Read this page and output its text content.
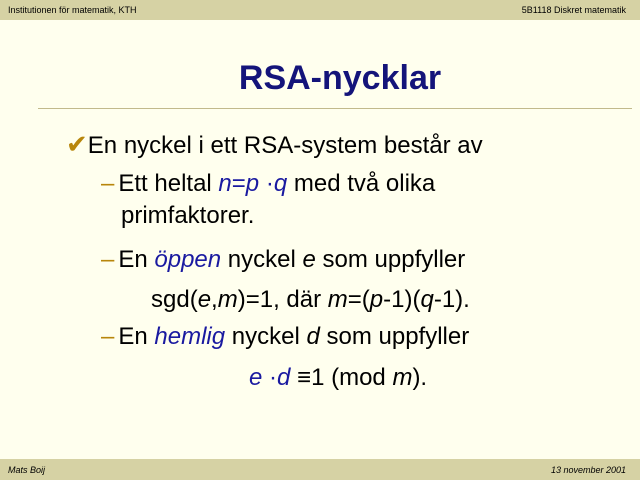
Institutionen för matematik, KTH	5B1118 Diskret matematik
RSA-nycklar
✔En nyckel i ett RSA-system består av
– Ett heltal n=p ·q med två olika
primfaktorer.
– En öppen nyckel e som uppfyller
sgd(e,m)=1, där m=(p-1)(q-1).
– En hemlig nyckel d som uppfyller
e ·d ≡1 (mod m).
Mats Boij	13 november 2001
